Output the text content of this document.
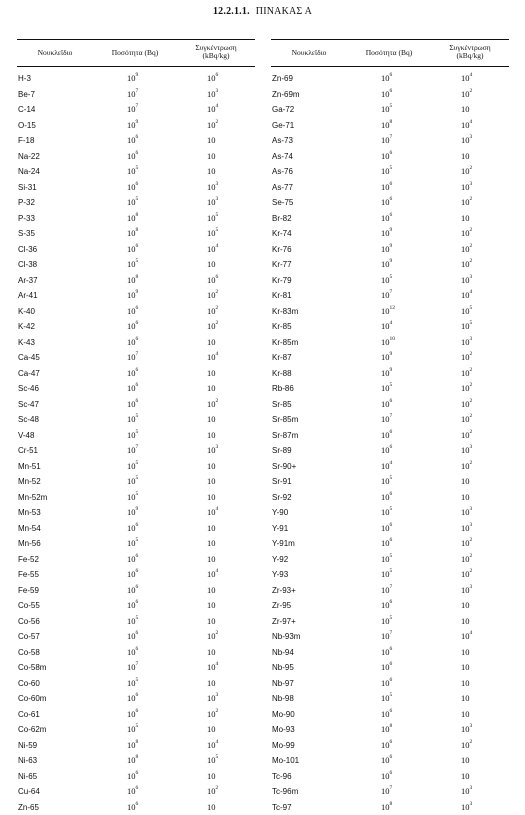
12.2.1.1. ΠΙΝΑΚΑΣ Α
Νουκλεΐδιο	Ποσότητα (Bq)
Συγκέντρωση
(kBq/kg)
H-3	$10^9$	$10^6$
Be-7	$10^7$	$10^3$
C-14	$10^7$	$10^4$
O-15	$10^9$	$10^2$
F-18	$10^6$	10
Na-22	$10^6$	10
Na-24	$10^5$	10
Si-31	$10^6$	$10^3$
P-32	$10^5$	$10^3$
P-33	$10^8$	$10^5$
S-35	$10^8$	$10^5$
Cl-36	$10^6$	$10^4$
Cl-38	$10^5$	10
Ar-37	$10^8$	$10^6$
Ar-41	$10^9$	$10^2$
K-40	$10^6$	$10^2$
K-42	$10^6$	$10^2$
K-43	$10^6$	10
Ca-45	$10^7$	$10^4$
Ca-47	$10^6$	10
Sc-46	$10^6$	10
Sc-47	$10^6$	$10^2$
Sc-48	$10^5$	10
V-48	$10^5$	10
Cr-51	$10^7$	$10^3$
Mn-51	$10^5$	10
Mn-52	$10^5$	10
Mn-52m	$10^5$	10
Mn-53	$10^9$	$10^4$
Mn-54	$10^6$	10
Mn-56	$10^5$	10
Fe-52	$10^6$	10
Fe-55	$10^6$	$10^4$
Fe-59	$10^6$	10
Co-55	$10^6$	10
Co-56	$10^5$	10
Co-57	$10^6$	$10^2$
Co-58	$10^6$	10
Co-58m	$10^7$	$10^4$
Co-60	$10^5$	10
Co-60m	$10^6$	$10^3$
Co-61	$10^6$	$10^2$
Co-62m	$10^5$	10
Ni-59	$10^8$	$10^4$
Ni-63	$10^8$	$10^5$
Ni-65	$10^6$	10
Cu-64	$10^6$	$10^2$
Zn-65	$10^6$	10
Νουκλεΐδιο	Ποσότητα (Bq)
Συγκέντρωση
(kBq/kg)
Zn-69	$10^6$	$10^4$
Zn-69m	$10^6$	$10^2$
Ga-72	$10^5$	10
Ge-71	$10^8$	$10^4$
As-73	$10^7$	$10^3$
As-74	$10^6$	10
As-76	$10^5$	$10^2$
As-77	$10^6$	$10^3$
Se-75	$10^6$	$10^2$
Br-82	$10^6$	10
Kr-74	$10^9$	$10^2$
Kr-76	$10^9$	$10^2$
Kr-77	$10^9$	$10^2$
Kr-79	$10^5$	$10^3$
Kr-81	$10^7$	$10^4$
Kr-83m	$10^{12}$	$10^5$
Kr-85	$10^4$	$10^5$
Kr-85m	$10^{10}$	$10^3$
Kr-87	$10^9$	$10^2$
Kr-88	$10^9$	$10^2$
Rb-86	$10^5$	$10^2$
Sr-85	$10^6$	$10^2$
Sr-85m	$10^7$	$10^2$
Sr-87m	$10^6$	$10^2$
Sr-89	$10^6$	$10^3$
Sr-90+	$10^4$	$10^2$
Sr-91	$10^5$	10
Sr-92	$10^6$	10
Y-90	$10^5$	$10^3$
Y-91	$10^6$	$10^3$
Y-91m	$10^6$	$10^2$
Y-92	$10^5$	$10^2$
Y-93	$10^5$	$10^2$
Zr-93+	$10^7$	$10^3$
Zr-95	$10^6$	10
Zr-97+	$10^5$	10
Nb-93m	$10^7$	$10^4$
Nb-94	$10^6$	10
Nb-95	$10^6$	10
Nb-97	$10^6$	10
Nb-98	$10^5$	10
Mo-90	$10^6$	10
Mo-93	$10^8$	$10^3$
Mo-99	$10^6$	$10^2$
Mo-101	$10^6$	10
Tc-96	$10^6$	10
Tc-96m	$10^7$	$10^3$
Tc-97	$10^8$	$10^3$
